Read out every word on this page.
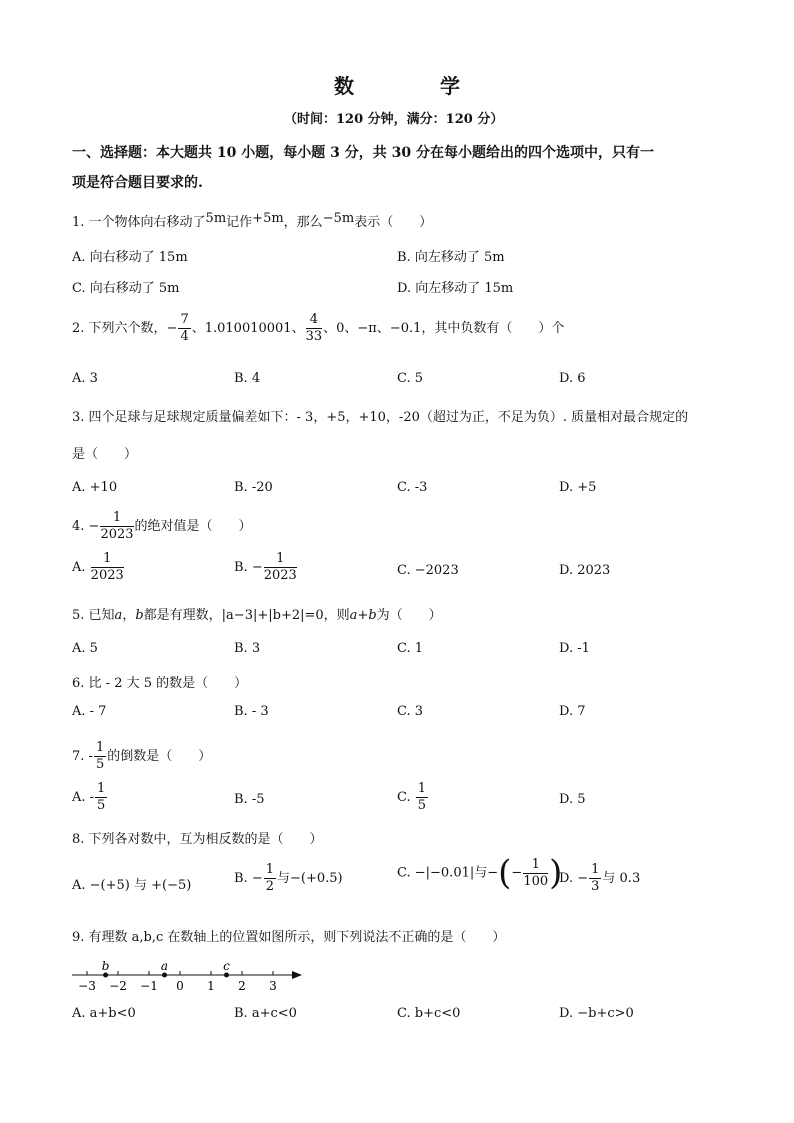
数学
（时间：120 分钟，满分：120 分）
一、选择题：本大题共 10 小题，每小题 3 分，共 30 分在每小题给出的四个选项中，只有一
项是符合题目要求的.
1. 一个物体向右移动了5m记作+5m，那么−5m表示（　　）
A. 向右移动了 15m	B. 向左移动了 5m
C. 向右移动了 5m	D. 向左移动了 15m
2. 下列六个数，− $\frac{7}{4}$ 、1.010010001、 $\frac{4}{33}$ 、0、−π、−0.1，其中负数有（　　）个
A. 3	B. 4	C. 5	D. 6
3. 四个足球与足球规定质量偏差如下：- 3，+5，+10，-20（超过为正，不足为负）. 质量相对最合规定的
是（　　）
A. +10	B. -20	C. -3	D. +5
4. − $\frac{1}{2023}$ 的绝对值是（　　）
A. $\frac{1}{2023}$	B. − $\frac{1}{2023}$	C. −2023	D. 2023
5. 已知a，b都是有理数，|a−3|+|b+2|=0，则a+b为（　　）
A. 5	B. 3	C. 1	D. -1
6. 比 - 2 大 5 的数是（　　）
A. - 7	B. - 3	C. 3	D. 7
7. - $\frac{1}{5}$ 的倒数是（　　）
A. - $\frac{1}{5}$	B. -5	C. $\frac{1}{5}$	D. 5
8. 下列各对数中，互为相反数的是（　　）
A. −(+5) 与 +(−5)	B. − $\frac{1}{2}$ 与−(+0.5)	C. −|−0.01|与−(− $\frac{1}{100}$ )
D. − $\frac{1}{3}$ 与 0.3
9. 有理数 a,b,c 在数轴上的位置如图所示，则下列说法不正确的是（　　）
−3 −2 −1 0 1 2 3
b	a	c
A. a+b<0	B. a+c<0	C. b+c<0	D. −b+c>0
